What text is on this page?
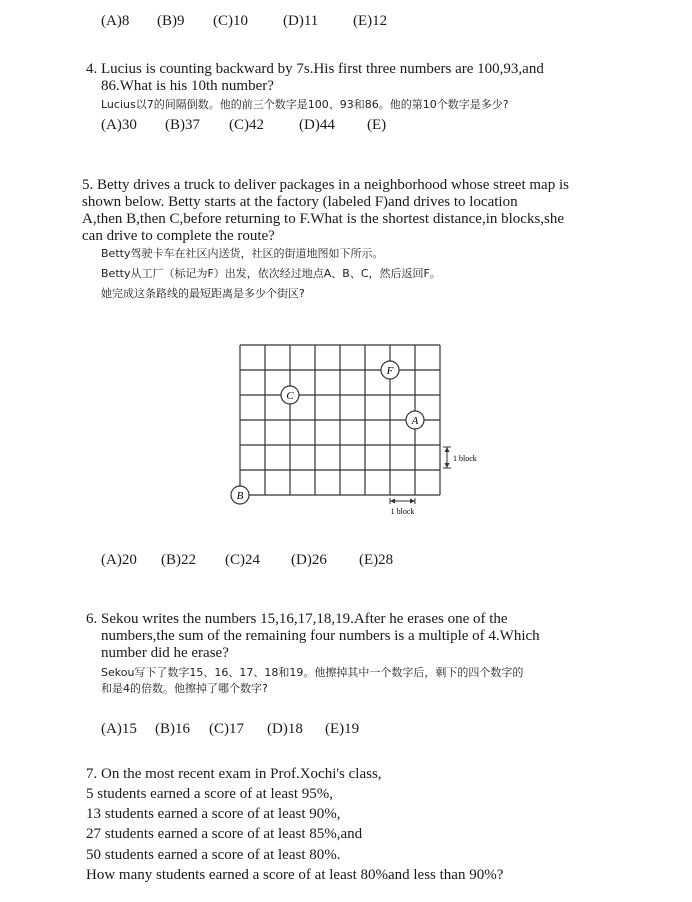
(A)8 (B)9 (C)10 (D)11 (E)12
4. Lucius is counting backward by 7s.His first three numbers are 100,93,and
86.What is his 10th number?
Lucius以7的间隔倒数。他的前三个数字是100、93和86。他的第10个数字是多少?
(A)30 (B)37 (C)42 (D)44 (E)
5. Betty drives a truck to deliver packages in a neighborhood whose street map is
shown below. Betty starts at the factory (labeled F)and drives to location
A,then B,then C,before returning to F.What is the shortest distance,in blocks,she
can drive to complete the route?
Betty驾驶卡车在社区内送货，社区的街道地图如下所示。
Betty从工厂（标记为F）出发，依次经过地点A、B、C，然后返回F。
她完成这条路线的最短距离是多少个街区?
F
C
A
B
1 block
1 block
(A)20 (B)22 (C)24 (D)26 (E)28
6. Sekou writes the numbers 15,16,17,18,19.After he erases one of the
numbers,the sum of the remaining four numbers is a multiple of 4.Which
number did he erase?
Sekou写下了数字15、16、17、18和19。他擦掉其中一个数字后，剩下的四个数字的
和是4的倍数。他擦掉了哪个数字?
(A)15 (B)16 (C)17 (D)18 (E)19
7. On the most recent exam in Prof.Xochi's class,
5 students earned a score of at least 95%,
13 students earned a score of at least 90%,
27 students earned a score of at least 85%,and
50 students earned a score of at least 80%.
How many students earned a score of at least 80%and less than 90%?
